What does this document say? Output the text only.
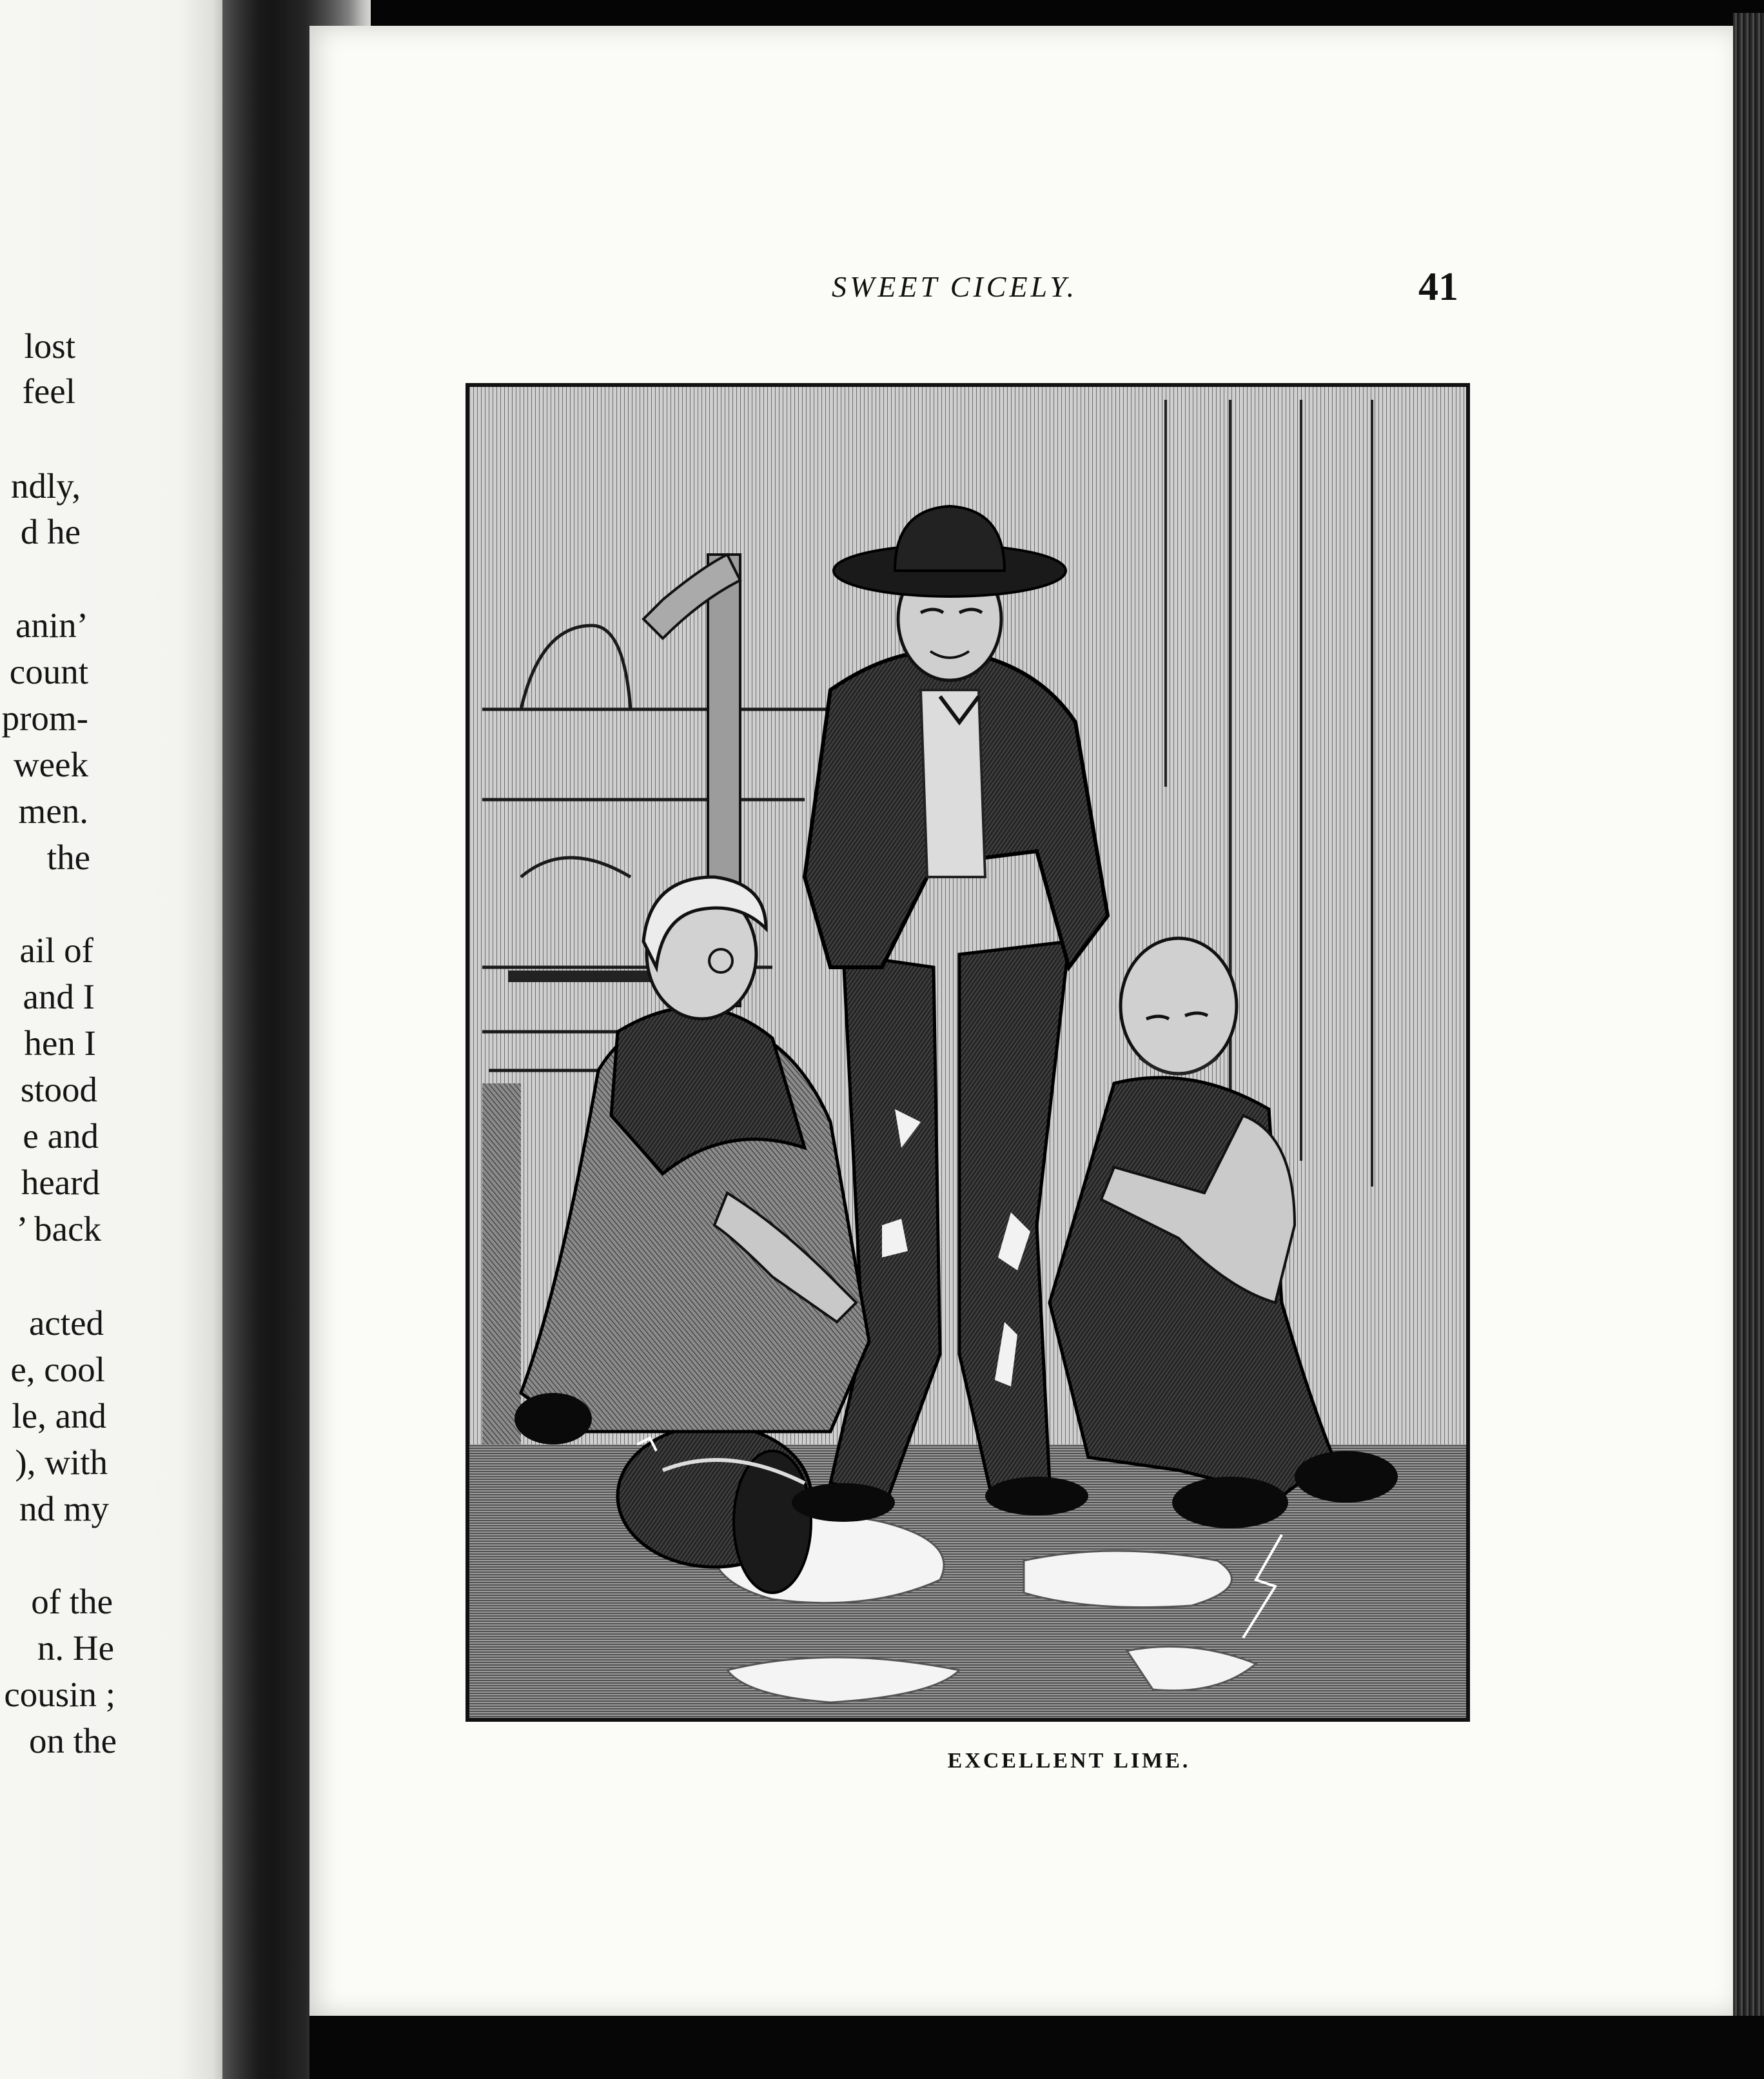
lost
feel
ndly,
d he
anin’
count
prom-
week
men.
the
ail of
and I
hen I
stood
e and
heard
’ back
acted
e, cool
le, and
), with
nd my
of the
n. He
cousin ;
on the
SWEET CICELY.	41
EXCELLENT LIME.
